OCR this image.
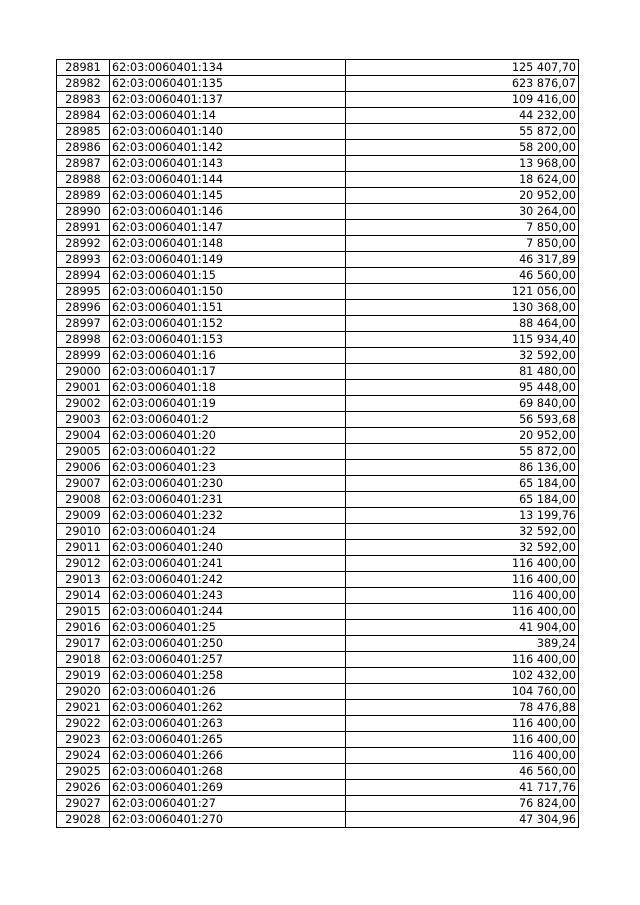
28981	62:03:0060401:134	125 407,70
28982	62:03:0060401:135	623 876,07
28983	62:03:0060401:137	109 416,00
28984	62:03:0060401:14	44 232,00
28985	62:03:0060401:140	55 872,00
28986	62:03:0060401:142	58 200,00
28987	62:03:0060401:143	13 968,00
28988	62:03:0060401:144	18 624,00
28989	62:03:0060401:145	20 952,00
28990	62:03:0060401:146	30 264,00
28991	62:03:0060401:147	7 850,00
28992	62:03:0060401:148	7 850,00
28993	62:03:0060401:149	46 317,89
28994	62:03:0060401:15	46 560,00
28995	62:03:0060401:150	121 056,00
28996	62:03:0060401:151	130 368,00
28997	62:03:0060401:152	88 464,00
28998	62:03:0060401:153	115 934,40
28999	62:03:0060401:16	32 592,00
29000	62:03:0060401:17	81 480,00
29001	62:03:0060401:18	95 448,00
29002	62:03:0060401:19	69 840,00
29003	62:03:0060401:2	56 593,68
29004	62:03:0060401:20	20 952,00
29005	62:03:0060401:22	55 872,00
29006	62:03:0060401:23	86 136,00
29007	62:03:0060401:230	65 184,00
29008	62:03:0060401:231	65 184,00
29009	62:03:0060401:232	13 199,76
29010	62:03:0060401:24	32 592,00
29011	62:03:0060401:240	32 592,00
29012	62:03:0060401:241	116 400,00
29013	62:03:0060401:242	116 400,00
29014	62:03:0060401:243	116 400,00
29015	62:03:0060401:244	116 400,00
29016	62:03:0060401:25	41 904,00
29017	62:03:0060401:250	389,24
29018	62:03:0060401:257	116 400,00
29019	62:03:0060401:258	102 432,00
29020	62:03:0060401:26	104 760,00
29021	62:03:0060401:262	78 476,88
29022	62:03:0060401:263	116 400,00
29023	62:03:0060401:265	116 400,00
29024	62:03:0060401:266	116 400,00
29025	62:03:0060401:268	46 560,00
29026	62:03:0060401:269	41 717,76
29027	62:03:0060401:27	76 824,00
29028	62:03:0060401:270	47 304,96
